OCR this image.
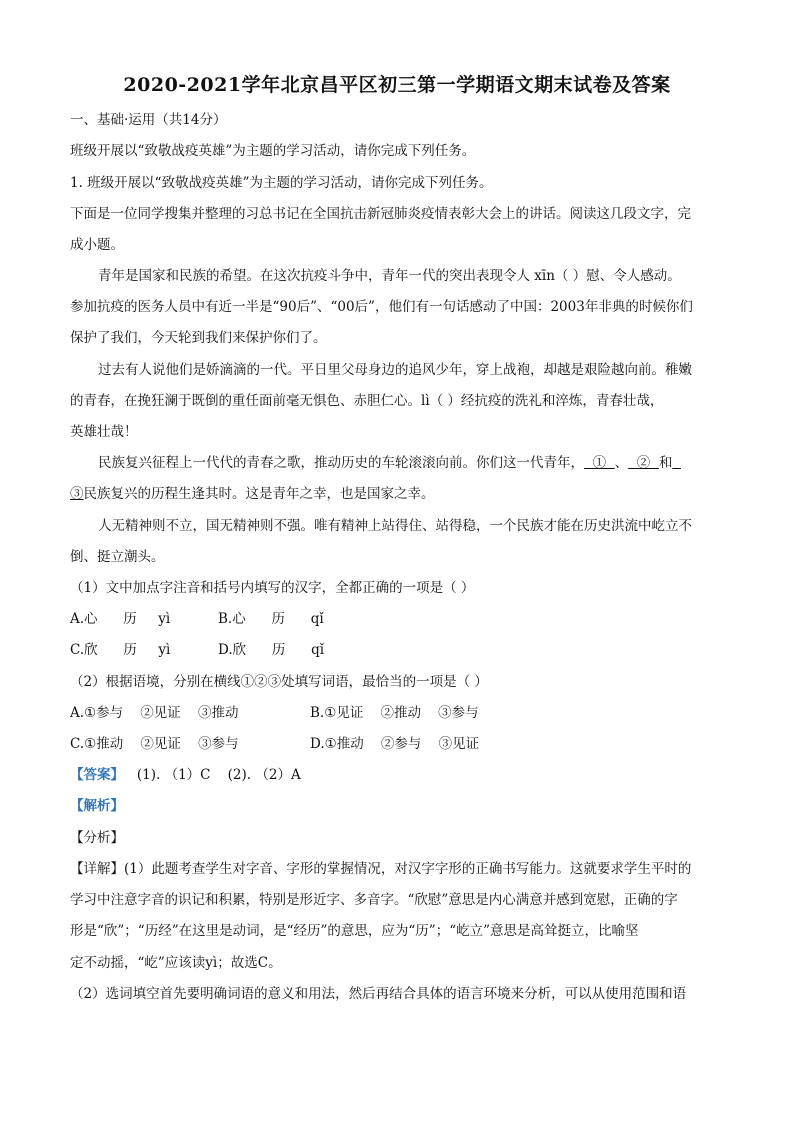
2020-2021学年北京昌平区初三第一学期语文期末试卷及答案
一、基础·运用（共14分）
班级开展以“致敬战疫英雄”为主题的学习活动，请你完成下列任务。
1. 班级开展以“致敬战疫英雄”为主题的学习活动，请你完成下列任务。
下面是一位同学搜集并整理的习总书记在全国抗击新冠肺炎疫情表彰大会上的讲话。阅读这几段文字，完
成小题。
青年是国家和民族的希望。在这次抗疫斗争中，青年一代的突出表现令人 xīn（ ）慰、令人感动。
参加抗疫的医务人员中有近一半是“90后”、“00后”，他们有一句话感动了中国：2003年非典的时候你们
保护了我们，今天轮到我们来保护你们了。
过去有人说他们是娇滴滴的一代。平日里父母身边的追风少年，穿上战袍，却越是艰险越向前。稚嫩
的青春，在挽狂澜于既倒的重任面前毫无惧色、赤胆仁心。lì（ ）经抗疫的洗礼和淬炼，青春壮哉，
英雄壮哉！
民族复兴征程上一代代的青春之歌，推动历史的车轮滚滚向前。你们这一代青年，  ①  、  ②  和
③民族复兴的历程生逢其时。这是青年之幸，也是国家之幸。
人无精神则不立，国无精神则不强。唯有精神上站得住、站得稳，一个民族才能在历史洪流中屹立不
倒、挺立潮头。
（1）文中加点字注音和括号内填写的汉字，全都正确的一项是（ ）
A.心      历     yì	B.心      历      qǐ
C.欣      历     yì	D.欣      历      qǐ
（2）根据语境，分别在横线①②③处填写词语，最恰当的一项是（ ）
A.①参与    ②见证    ③推动	B.①见证    ②推动    ③参与
C.①推动    ②见证    ③参与	D.①推动    ②参与    ③见证
【答案】   (1). （1）C    (2). （2）A
【解析】
【分析】
【详解】(1）此题考查学生对字音、字形的掌握情况，对汉字字形的正确书写能力。这就要求学生平时的
学习中注意字音的识记和积累，特别是形近字、多音字。“欣慰”意思是内心满意并感到宽慰，正确的字
形是“欣”；“历经”在这里是动词，是“经历”的意思，应为“历”；“屹立”意思是高耸挺立，比喻坚
定不动摇，“屹”应该读yì；故选C。
（2）选词填空首先要明确词语的意义和用法，然后再结合具体的语言环境来分析，可以从使用范围和语
